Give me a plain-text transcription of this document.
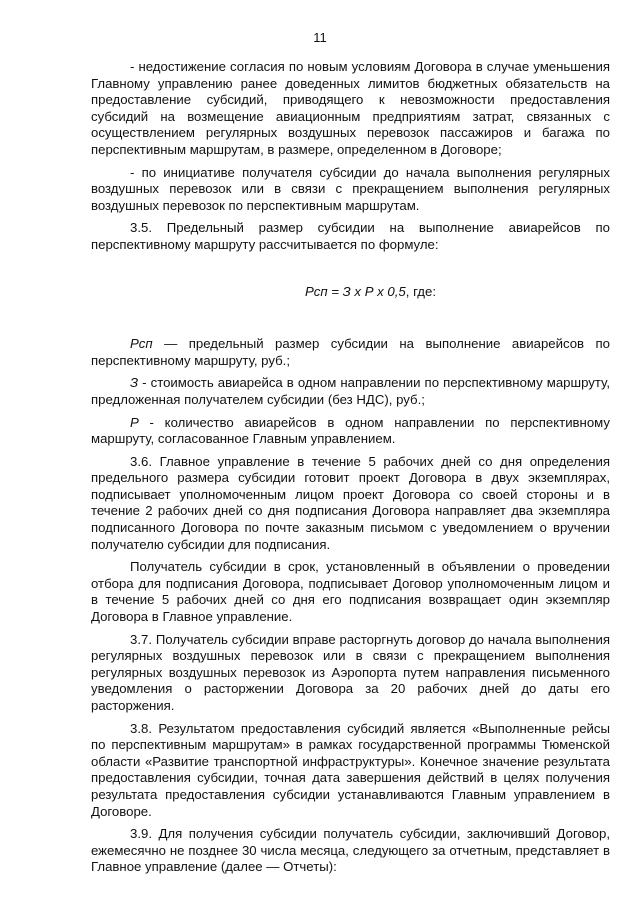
11

- недостижение согласия по новым условиям Договора в случае уменьшения Главному управлению ранее доведенных лимитов бюджетных обязательств на предоставление субсидий, приводящего к невозможности предоставления субсидий на возмещение авиационным предприятиям затрат, связанных с осуществлением регулярных воздушных перевозок пассажиров и багажа по перспективным маршрутам, в размере, определенном в Договоре;

- по инициативе получателя субсидии до начала выполнения регулярных воздушных перевозок или в связи с прекращением выполнения регулярных воздушных перевозок по перспективным маршрутам.

3.5. Предельный размер субсидии на выполнение авиарейсов по перспективному маршруту рассчитывается по формуле:

Рсп = З х Р х 0,5, где:

Рсп — предельный размер субсидии на выполнение авиарейсов по перспективному маршруту, руб.;

З - стоимость авиарейса в одном направлении по перспективному маршруту, предложенная получателем субсидии (без НДС), руб.;

Р - количество авиарейсов в одном направлении по перспективному маршруту, согласованное Главным управлением.

3.6. Главное управление в течение 5 рабочих дней со дня определения предельного размера субсидии готовит проект Договора в двух экземплярах, подписывает уполномоченным лицом проект Договора со своей стороны и в течение 2 рабочих дней со дня подписания Договора направляет два экземпляра подписанного Договора по почте заказным письмом с уведомлением о вручении получателю субсидии для подписания.

Получатель субсидии в срок, установленный в объявлении о проведении отбора для подписания Договора, подписывает Договор уполномоченным лицом и в течение 5 рабочих дней со дня его подписания возвращает один экземпляр Договора в Главное управление.

3.7. Получатель субсидии вправе расторгнуть договор до начала выполнения регулярных воздушных перевозок или в связи с прекращением выполнения регулярных воздушных перевозок из Аэропорта путем направления письменного уведомления о расторжении Договора за 20 рабочих дней до даты его расторжения.

3.8. Результатом предоставления субсидий является «Выполненные рейсы по перспективным маршрутам» в рамках государственной программы Тюменской области «Развитие транспортной инфраструктуры». Конечное значение результата предоставления субсидии, точная дата завершения действий в целях получения результата предоставления субсидии устанавливаются Главным управлением в Договоре.

3.9. Для получения субсидии получатель субсидии, заключивший Договор, ежемесячно не позднее 30 числа месяца, следующего за отчетным, представляет в Главное управление (далее — Отчеты):
